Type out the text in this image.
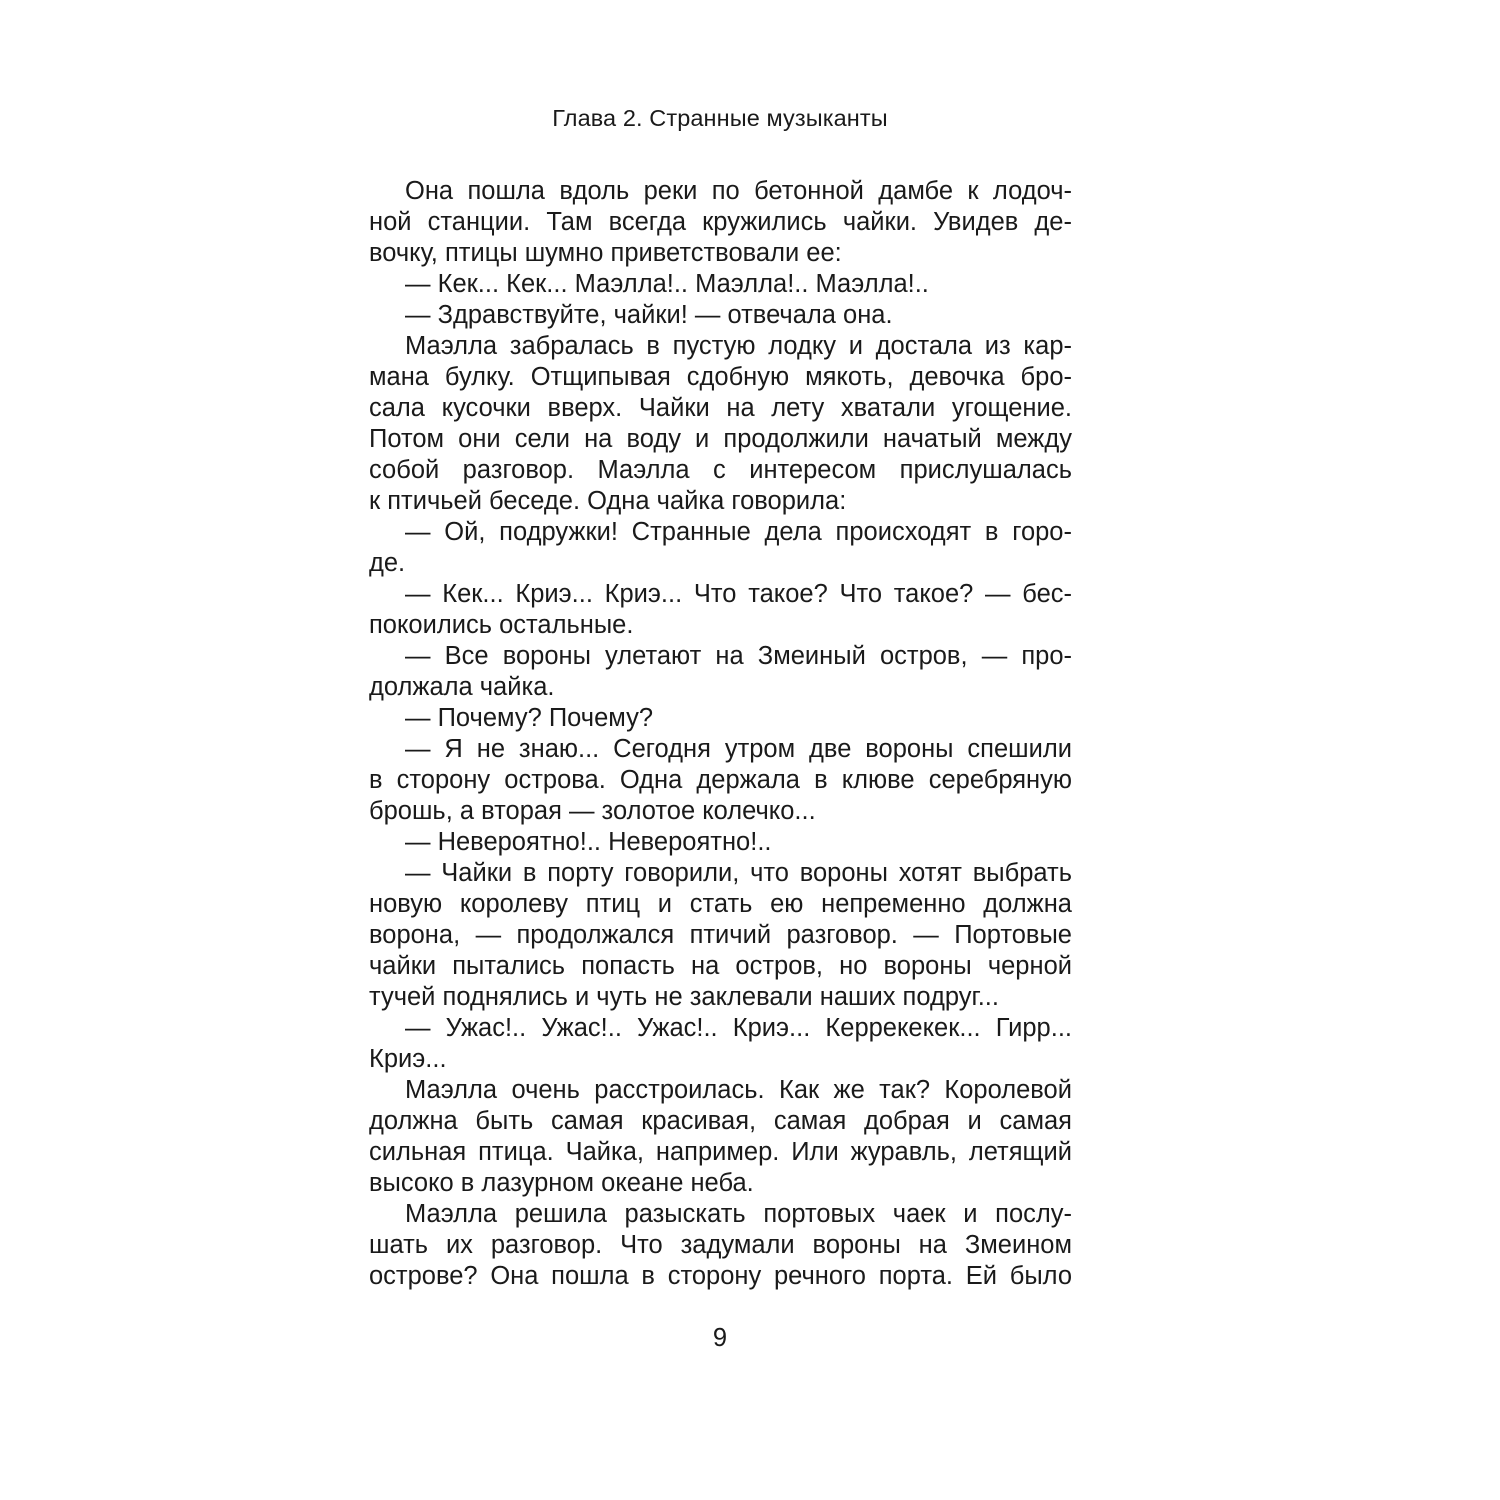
Глава 2. Странные музыканты
Она пошла вдоль реки по бетонной дамбе к лодоч-
ной станции. Там всегда кружились чайки. Увидев де-
вочку, птицы шумно приветствовали ее:
— Кек... Кек... Маэлла!.. Маэлла!.. Маэлла!..
— Здравствуйте, чайки! — отвечала она.
Маэлла забралась в пустую лодку и достала из кар-
мана булку. Отщипывая сдобную мякоть, девочка бро-
сала кусочки вверх. Чайки на лету хватали угощение.
Потом они сели на воду и продолжили начатый между
собой разговор. Маэлла с интересом прислушалась
к птичьей беседе. Одна чайка говорила:
— Ой, подружки! Странные дела происходят в горо-
де.
— Кек... Криэ... Криэ... Что такое? Что такое? — бес-
покоились остальные.
— Все вороны улетают на Змеиный остров, — про-
должала чайка.
— Почему? Почему?
— Я не знаю... Сегодня утром две вороны спешили
в сторону острова. Одна держала в клюве серебряную
брошь, а вторая — золотое колечко...
— Невероятно!.. Невероятно!..
— Чайки в порту говорили, что вороны хотят выбрать
новую королеву птиц и стать ею непременно должна
ворона, — продолжался птичий разговор. — Портовые
чайки пытались попасть на остров, но вороны черной
тучей поднялись и чуть не заклевали наших подруг...
— Ужас!.. Ужас!.. Ужас!.. Криэ... Керрекекек... Гирр...
Криэ...
Маэлла очень расстроилась. Как же так? Королевой
должна быть самая красивая, самая добрая и самая
сильная птица. Чайка, например. Или журавль, летящий
высоко в лазурном океане неба.
Маэлла решила разыскать портовых чаек и послу-
шать их разговор. Что задумали вороны на Змеином
острове? Она пошла в сторону речного порта. Ей было
9
